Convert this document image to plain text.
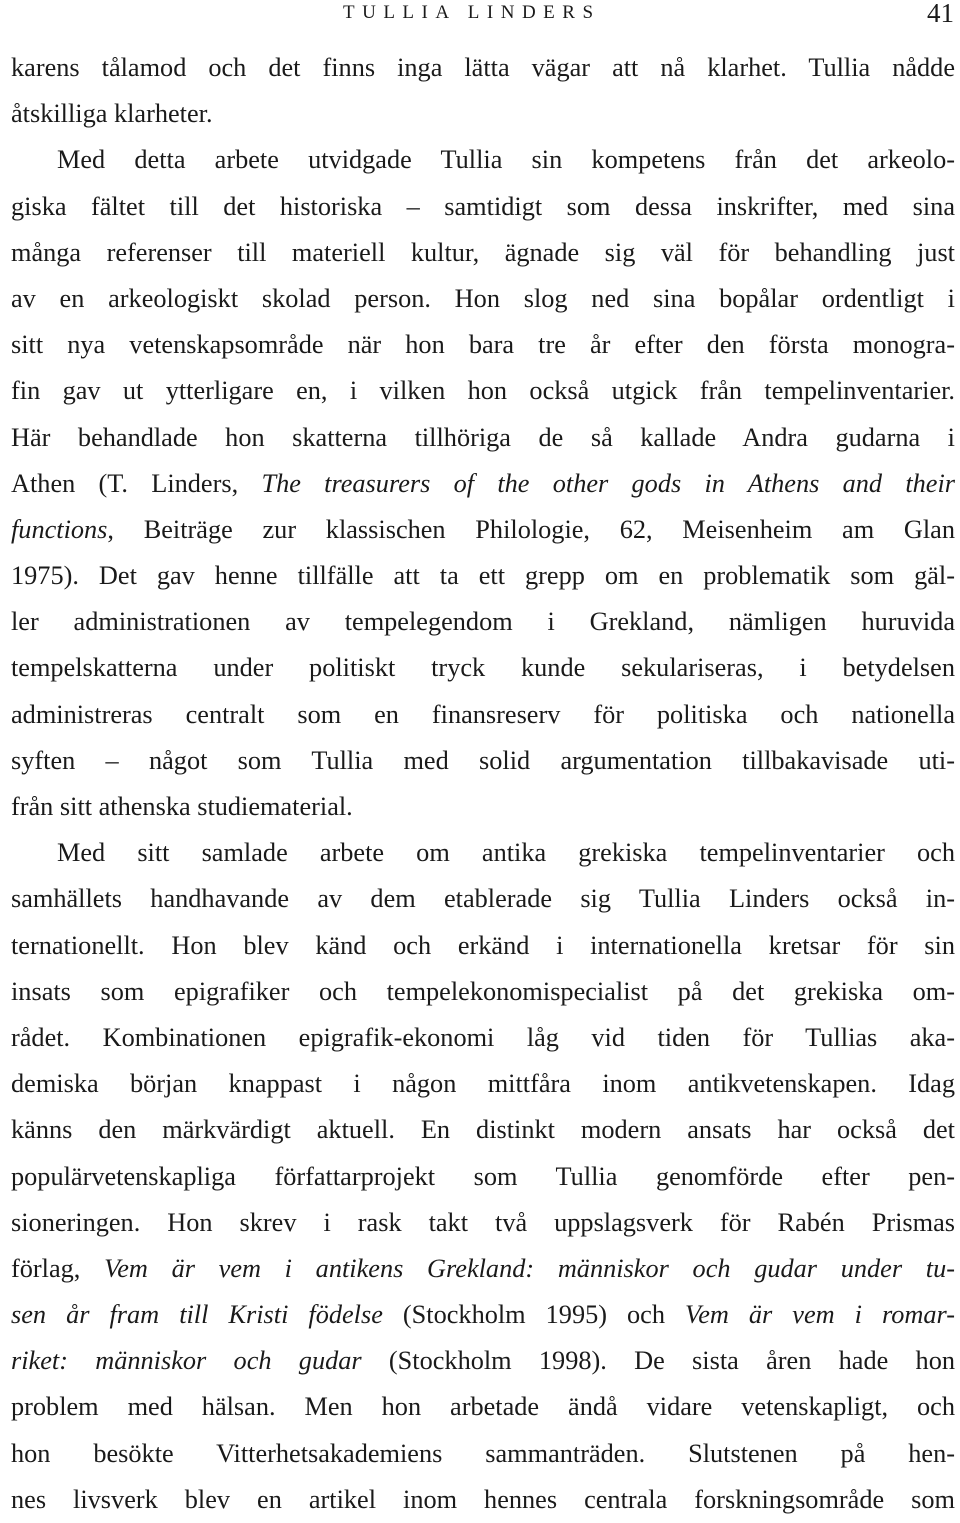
TULLIA LINDERS	41
karens tålamod och det finns inga lätta vägar att nå klarhet. Tullia nådde
åtskilliga klarheter.
Med detta arbete utvidgade Tullia sin kompetens från det arkeolo-
giska fältet till det historiska – samtidigt som dessa inskrifter, med sina
många referenser till materiell kultur, ägnade sig väl för behandling just
av en arkeologiskt skolad person. Hon slog ned sina bopålar ordentligt i
sitt nya vetenskapsområde när hon bara tre år efter den första monogra-
fin gav ut ytterligare en, i vilken hon också utgick från tempelinventarier.
Här behandlade hon skatterna tillhöriga de så kallade Andra gudarna i
Athen (T. Linders, The treasurers of the other gods in Athens and their
functions, Beiträge zur klassischen Philologie, 62, Meisenheim am Glan
1975). Det gav henne tillfälle att ta ett grepp om en problematik som gäl-
ler administrationen av tempelegendom i Grekland, nämligen huruvida
tempelskatterna under politiskt tryck kunde sekulariseras, i betydelsen
administreras centralt som en finansreserv för politiska och nationella
syften – något som Tullia med solid argumentation tillbakavisade uti-
från sitt athenska studiematerial.
Med sitt samlade arbete om antika grekiska tempelinventarier och
samhällets handhavande av dem etablerade sig Tullia Linders också in-
ternationellt. Hon blev känd och erkänd i internationella kretsar för sin
insats som epigrafiker och tempelekonomispecialist på det grekiska om-
rådet. Kombinationen epigrafik-ekonomi låg vid tiden för Tullias aka-
demiska början knappast i någon mittfåra inom antikvetenskapen. Idag
känns den märkvärdigt aktuell. En distinkt modern ansats har också det
populärvetenskapliga författarprojekt som Tullia genomförde efter pen-
sioneringen. Hon skrev i rask takt två uppslagsverk för Rabén Prismas
förlag, Vem är vem i antikens Grekland: människor och gudar under tu-
sen år fram till Kristi födelse (Stockholm 1995) och Vem är vem i romar-
riket: människor och gudar (Stockholm 1998). De sista åren hade hon
problem med hälsan. Men hon arbetade ändå vidare vetenskapligt, och
hon besökte Vitterhetsakademiens sammanträden. Slutstenen på hen-
nes livsverk blev en artikel inom hennes centrala forskningsområde som
